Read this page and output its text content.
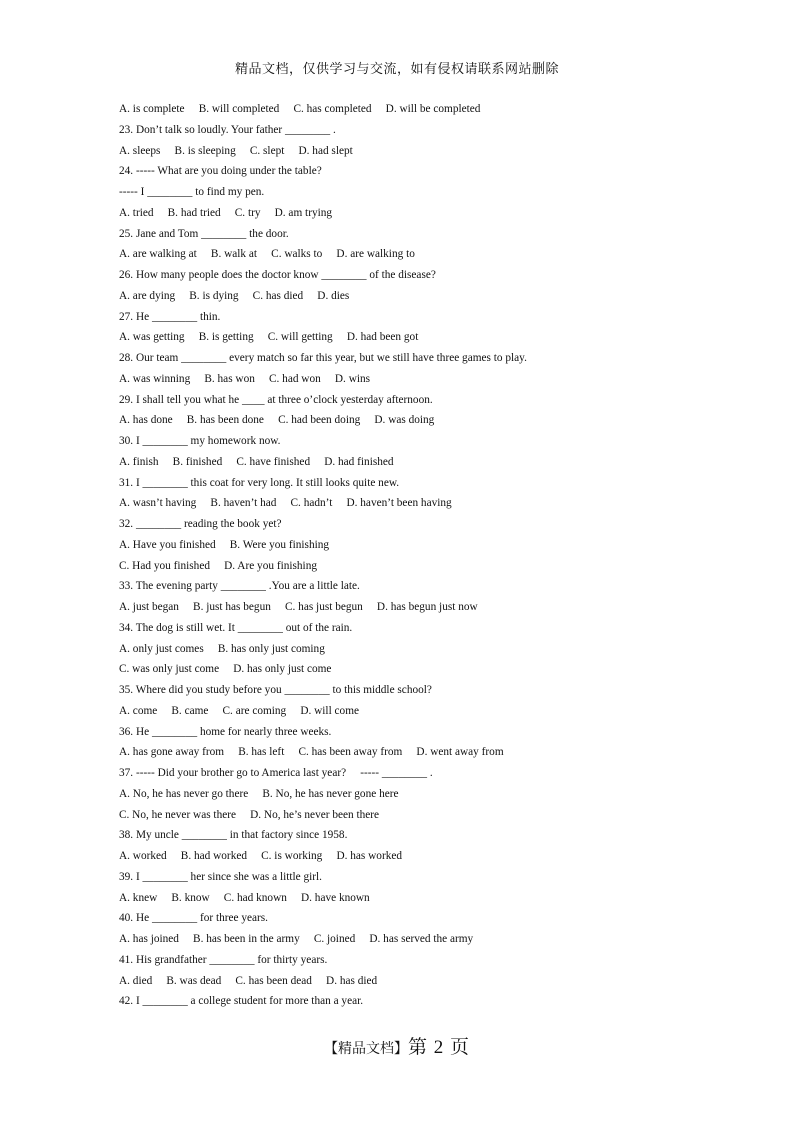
精品文档，仅供学习与交流，如有侵权请联系网站删除
A. is complete     B. will completed     C. has completed     D. will be completed
23. Don’t talk so loudly. Your father ________ .
A. sleeps     B. is sleeping     C. slept     D. had slept
24. ----- What are you doing under the table?
----- I ________ to find my pen.
A. tried     B. had tried     C. try     D. am trying
25. Jane and Tom ________ the door.
A. are walking at     B. walk at     C. walks to     D. are walking to
26. How many people does the doctor know ________ of the disease?
A. are dying     B. is dying     C. has died     D. dies
27. He ________ thin.
A. was getting     B. is getting     C. will getting     D. had been got
28. Our team ________ every match so far this year, but we still have three games to play.
A. was winning     B. has won     C. had won     D. wins
29. I shall tell you what he ____ at three o’clock yesterday afternoon.
A. has done     B. has been done     C. had been doing     D. was doing
30. I ________ my homework now.
A. finish     B. finished     C. have finished     D. had finished
31. I ________ this coat for very long. It still looks quite new.
A. wasn’t having     B. haven’t had     C. hadn’t     D. haven’t been having
32. ________ reading the book yet?
A. Have you finished     B. Were you finishing
C. Had you finished     D. Are you finishing
33. The evening party ________ .You are a little late.
A. just began     B. just has begun     C. has just begun     D. has begun just now
34. The dog is still wet. It ________ out of the rain.
A. only just comes     B. has only just coming
C. was only just come     D. has only just come
35. Where did you study before you ________ to this middle school?
A. come     B. came     C. are coming     D. will come
36. He ________ home for nearly three weeks.
A. has gone away from     B. has left     C. has been away from     D. went away from
37. ----- Did your brother go to America last year?     ----- ________ .
A. No, he has never go there     B. No, he has never gone here
C. No, he never was there     D. No, he’s never been there
38. My uncle ________ in that factory since 1958.
A. worked     B. had worked     C. is working     D. has worked
39. I ________ her since she was a little girl.
A. knew     B. know     C. had known     D. have known
40. He ________ for three years.
A. has joined     B. has been in the army     C. joined     D. has served the army
41. His grandfather ________ for thirty years.
A. died     B. was dead     C. has been dead     D. has died
42. I ________ a college student for more than a year.
【精品文档】第 2 页
